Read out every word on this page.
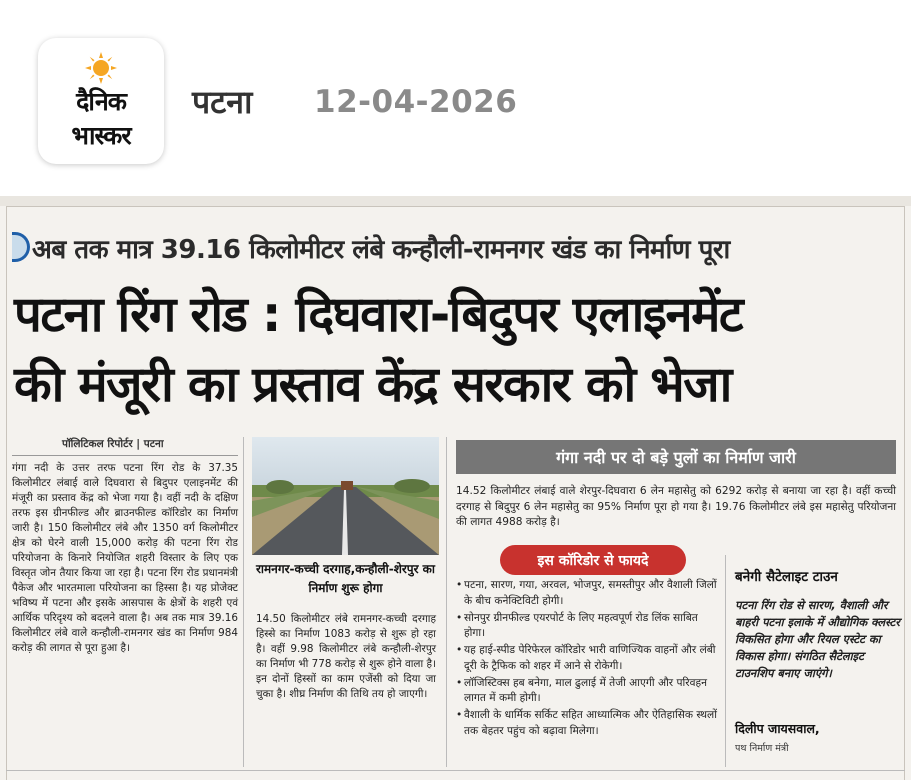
दैनिक
भास्कर
पटना 12-04-2026
अब तक मात्र 39.16 किलोमीटर लंबे कन्हौली-रामनगर खंड का निर्माण पूरा
पटना रिंग रोड : दिघवारा-बिदुपर एलाइनमेंट
की मंजूरी का प्रस्ताव केंद्र सरकार को भेजा
पॉलिटिकल रिपोर्टर | पटना
गंगा नदी के उत्तर तरफ पटना रिंग रोड के 37.35 किलोमीटर लंबाई वाले दिघवारा से बिदुपर एलाइनमेंट की मंजूरी का प्रस्ताव केंद्र को भेजा गया है। वहीं नदी के दक्षिण तरफ इस ग्रीनफील्ड और ब्राउनफील्ड कॉरिडोर का निर्माण जारी है। 150 किलोमीटर लंबे और 1350 वर्ग किलोमीटर क्षेत्र को घेरने वाली 15,000 करोड़ की पटना रिंग रोड परियोजना के किनारे नियोजित शहरी विस्तार के लिए एक विस्तृत जोन तैयार किया जा रहा है। पटना रिंग रोड प्रधानमंत्री पैकेज और भारतमाला परियोजना का हिस्सा है। यह प्रोजेक्ट भविष्य में पटना और इसके आसपास के क्षेत्रों के शहरी एवं आर्थिक परिदृश्य को बदलने वाला है। अब तक मात्र 39.16 किलोमीटर लंबे वाले कन्हौली-रामनगर खंड का निर्माण 984 करोड़ की लागत से पूरा हुआ है।
रामनगर-कच्ची दरगाह,कन्हौली-शेरपुर का निर्माण शुरू होगा
14.50 किलोमीटर लंबे रामनगर-कच्ची दरगाह हिस्से का निर्माण 1083 करोड़ से शुरू हो रहा है। वहीं 9.98 किलोमीटर लंबे कन्हौली-शेरपुर का निर्माण भी 778 करोड़ से शुरू होने वाला है। इन दोनों हिस्सों का काम एजेंसी को दिया जा चुका है। शीघ्र निर्माण की तिथि तय हो जाएगी।
गंगा नदी पर दो बड़े पुलों का निर्माण जारी
14.52 किलोमीटर लंबाई वाले शेरपुर-दिघवारा 6 लेन महासेतु को 6292 करोड़ से बनाया जा रहा है। वहीं कच्ची दरगाह से बिदुपुर 6 लेन महासेतु का 95% निर्माण पूरा हो गया है। 19.76 किलोमीटर लंबे इस महासेतु परियोजना की लागत 4988 करोड़ है।
इस कॉरिडोर से फायदे
• पटना, सारण, गया, अरवल, भोजपुर, समस्तीपुर और वैशाली जिलों के बीच कनेक्टिविटी होगी।
• सोनपुर ग्रीनफील्ड एयरपोर्ट के लिए महत्वपूर्ण रोड लिंक साबित होगा।
• यह हाई-स्पीड पेरिफेरल कॉरिडोर भारी वाणिज्यिक वाहनों और लंबी दूरी के ट्रैफिक को शहर में आने से रोकेगी।
• लॉजिस्टिक्स हब बनेगा, माल ढुलाई में तेजी आएगी और परिवहन लागत में कमी होगी।
• वैशाली के धार्मिक सर्किट सहित आध्यात्मिक और ऐतिहासिक स्थलों तक बेहतर पहुंच को बढ़ावा मिलेगा।
बनेगी सैटेलाइट टाउन
पटना रिंग रोड से सारण, वैशाली और बाहरी पटना इलाके में औद्योगिक क्लस्टर विकसित होगा और रियल एस्टेट का विकास होगा। संगठित सैटेलाइट टाउनशिप बनाए जाएंगे।
दिलीप जायसवाल,
पथ निर्माण मंत्री
